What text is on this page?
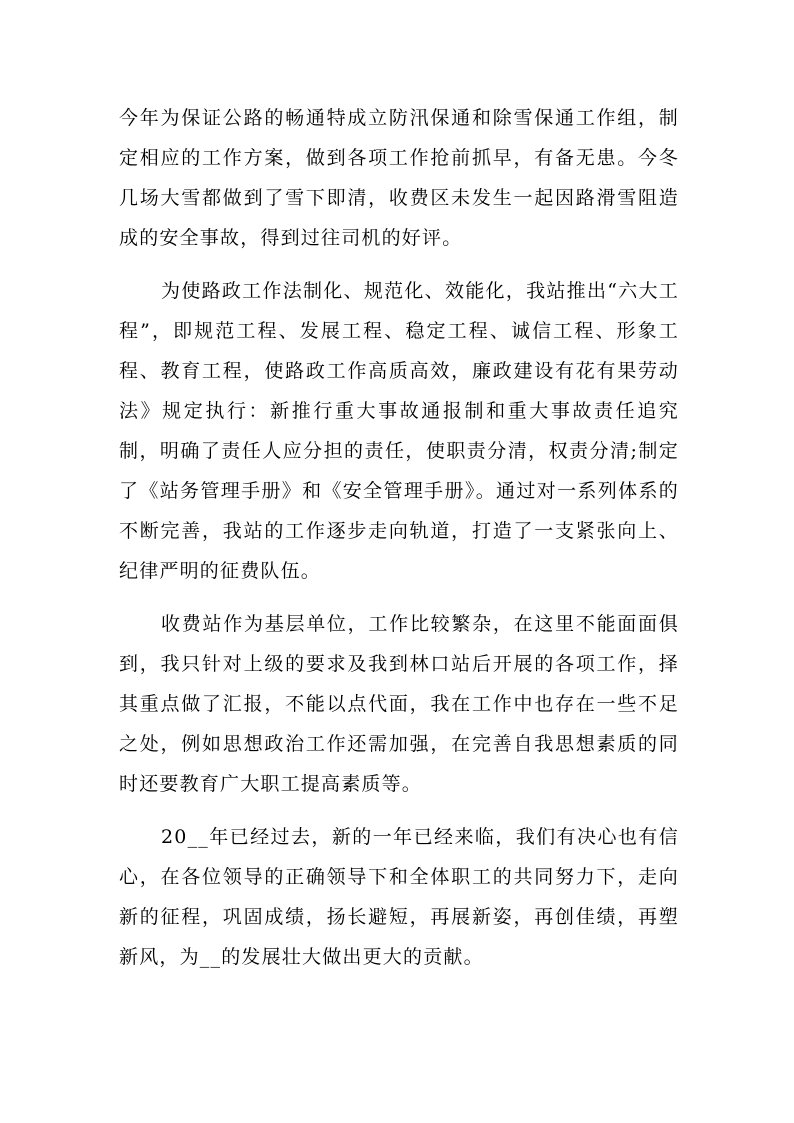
今年为保证公路的畅通特成立防汛保通和除雪保通工作组，制定相应的工作方案，做到各项工作抢前抓早，有备无患。今冬几场大雪都做到了雪下即清，收费区未发生一起因路滑雪阻造成的安全事故，得到过往司机的好评。

为使路政工作法制化、规范化、效能化，我站推出“六大工程”，即规范工程、发展工程、稳定工程、诚信工程、形象工程、教育工程，使路政工作高质高效，廉政建设有花有果劳动法》规定执行：新推行重大事故通报制和重大事故责任追究制，明确了责任人应分担的责任，使职责分清，权责分清;制定了《站务管理手册》和《安全管理手册》。通过对一系列体系的不断完善，我站的工作逐步走向轨道，打造了一支紧张向上、纪律严明的征费队伍。

收费站作为基层单位，工作比较繁杂，在这里不能面面俱到，我只针对上级的要求及我到林口站后开展的各项工作，择其重点做了汇报，不能以点代面，我在工作中也存在一些不足之处，例如思想政治工作还需加强，在完善自我思想素质的同时还要教育广大职工提高素质等。

20__年已经过去，新的一年已经来临，我们有决心也有信心，在各位领导的正确领导下和全体职工的共同努力下，走向新的征程，巩固成绩，扬长避短，再展新姿，再创佳绩，再塑新风，为__的发展壮大做出更大的贡献。
